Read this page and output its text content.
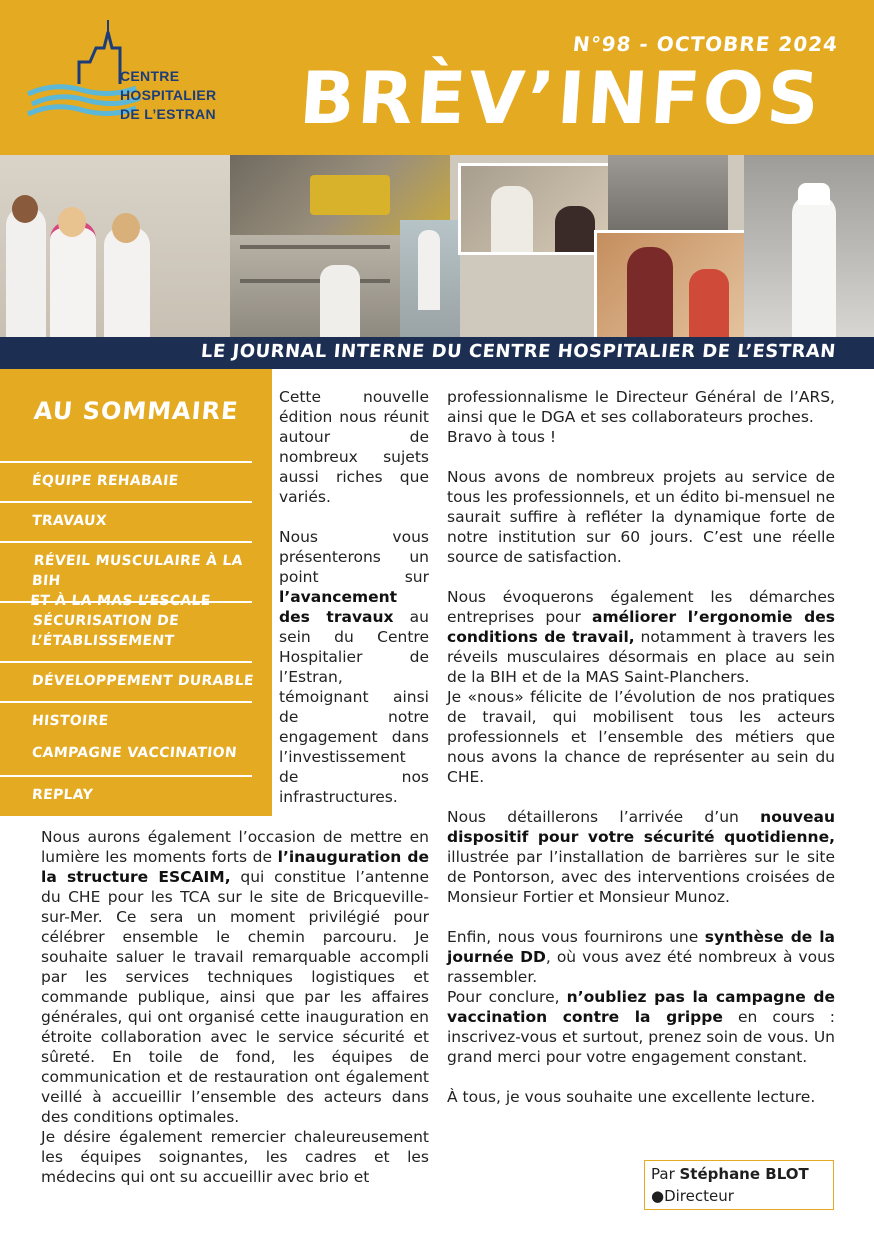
CENTRE
HOSPITALIER
DE L’ESTRAN
N°98 - OCTOBRE 2024
BRÈV’INFOS
LE JOURNAL INTERNE DU CENTRE HOSPITALIER DE L’ESTRAN
AU SOMMAIRE
ÉQUIPE REHABAIE
TRAVAUX
RÉVEIL MUSCULAIRE À LA BIH
ET À LA MAS L’ESCALE
SÉCURISATION DE
L’ÉTABLISSEMENT
DÉVELOPPEMENT DURABLE
HISTOIRE
CAMPAGNE VACCINATION
REPLAY

Cette nouvelle édition nous réunit autour de nombreux sujets aussi riches que variés.

Nous vous présenterons un point sur l’avancement des travaux au sein du Centre Hospitalier de l’Estran, témoignant ainsi de notre engagement dans l’investissement de nos infrastructures.

Nous aurons également l’occasion de mettre en lumière les moments forts de l’inauguration de la structure ESCAIM, qui constitue l’antenne du CHE pour les TCA sur le site de Bricqueville-sur-Mer. Ce sera un moment privilégié pour célébrer ensemble le chemin parcouru. Je souhaite saluer le travail remarquable accompli par les services techniques logistiques et commande publique, ainsi que par les affaires générales, qui ont organisé cette inauguration en étroite collaboration avec le service sécurité et sûreté. En toile de fond, les équipes de communication et de restauration ont également veillé à accueillir l’ensemble des acteurs dans des conditions optimales.

Je désire également remercier chaleureusement les équipes soignantes, les cadres et les médecins qui ont su accueillir avec brio et

professionnalisme le Directeur Général de l’ARS, ainsi que le DGA et ses collaborateurs proches.

Bravo à tous !

Nous avons de nombreux projets au service de tous les professionnels, et un édito bi-mensuel ne saurait suffire à refléter la dynamique forte de notre institution sur 60 jours. C’est une réelle source de satisfaction.

Nous évoquerons également les démarches entreprises pour améliorer l’ergonomie des conditions de travail, notamment à travers les réveils musculaires désormais en place au sein de la BIH et de la MAS Saint-Planchers.

Je «nous» félicite de l’évolution de nos pratiques de travail, qui mobilisent tous les acteurs professionnels et l’ensemble des métiers que nous avons la chance de représenter au sein du CHE.

Nous détaillerons l’arrivée d’un nouveau dispositif pour votre sécurité quotidienne, illustrée par l’installation de barrières sur le site de Pontorson, avec des interventions croisées de Monsieur Fortier et Monsieur Munoz.

Enfin, nous vous fournirons une synthèse de la journée DD, où vous avez été nombreux à vous rassembler.

Pour conclure, n’oubliez pas la campagne de vaccination contre la grippe en cours : inscrivez-vous et surtout, prenez soin de vous. Un grand merci pour votre engagement constant.

À tous, je vous souhaite une excellente lecture.

Par Stéphane BLOT
●Directeur
